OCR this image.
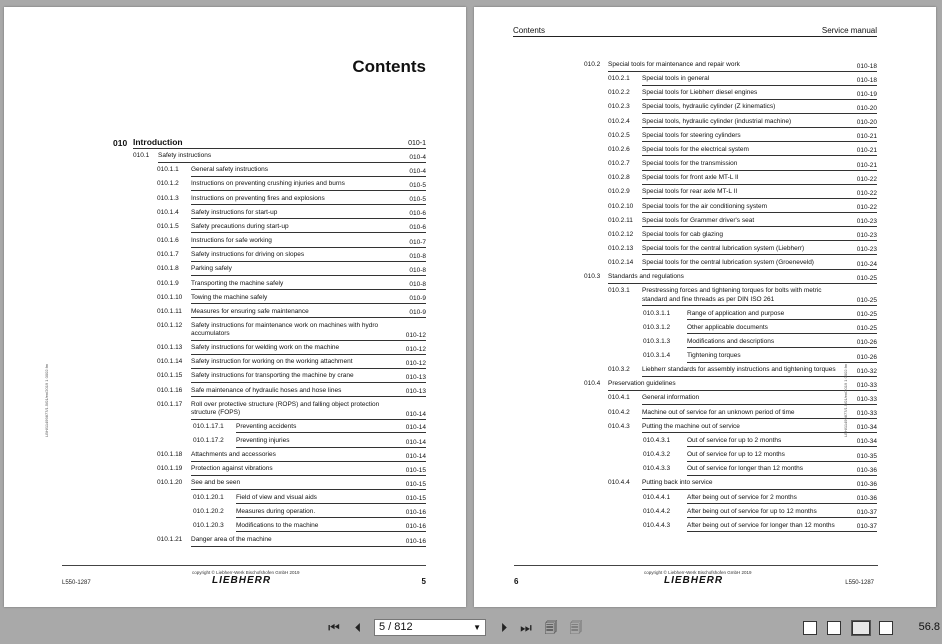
Contents
010 Introduction	010-1
010.1 Safety instructions	010-4
010.1.1 General safety instructions	010-4
010.1.2 Instructions on preventing crushing injuries and burns	010-5
010.1.3 Instructions on preventing fires and explosions	010-5
010.1.4 Safety instructions for start-up	010-6
010.1.5 Safety precautions during start-up	010-6
010.1.6 Instructions for safe working	010-7
010.1.7 Safety instructions for driving on slopes	010-8
010.1.8 Parking safely	010-8
010.1.9 Transporting the machine safely	010-8
010.1.10 Towing the machine safely	010-9
010.1.11 Measures for ensuring safe maintenance	010-9
010.1.12 Safety instructions for maintenance work on machines with hydro accumulators	010-12
010.1.13 Safety instructions for welding work on the machine	010-12
010.1.14 Safety instruction for working on the working attachment	010-12
010.1.15 Safety instructions for transporting the machine by crane	010-13
010.1.16 Safe maintenance of hydraulic hoses and hose lines	010-13
010.1.17 Roll over protective structure (ROPS) and falling object protection structure (FOPS)	010-14
010.1.17.1 Preventing accidents	010-14
010.1.17.2 Preventing injuries	010-14
010.1.18 Attachments and accessories	010-14
010.1.19 Protection against vibrations	010-15
010.1.20 See and be seen	010-15
010.1.20.1 Field of view and visual aids	010-15
010.1.20.2 Measures during operation.	010-16
010.1.20.3 Modifications to the machine	010-16
010.1.21 Danger area of the machine	010-16
LBH/11499877/1.5/01/en/2019 1 0002.fm
L550-1287
copyright © Liebherr-Werk Bischofshofen GmbH 2019
LIEBHERR	5
Contents	Service manual
010.2 Special tools for maintenance and repair work	010-18
010.2.1 Special tools in general	010-18
010.2.2 Special tools for Liebherr diesel engines	010-19
010.2.3 Special tools, hydraulic cylinder (Z kinematics)	010-20
010.2.4 Special tools, hydraulic cylinder (industrial machine)	010-20
010.2.5 Special tools for steering cylinders	010-21
010.2.6 Special tools for the electrical system	010-21
010.2.7 Special tools for the transmission	010-21
010.2.8 Special tools for front axle MT-L II	010-22
010.2.9 Special tools for rear axle MT-L II	010-22
010.2.10 Special tools for the air conditioning system	010-22
010.2.11 Special tools for Grammer driver's seat	010-23
010.2.12 Special tools for cab glazing	010-23
010.2.13 Special tools for the central lubrication system (Liebherr)	010-23
010.2.14 Special tools for the central lubrication system (Groeneveld)	010-24
010.3 Standards and regulations	010-25
010.3.1 Prestressing forces and tightening torques for bolts with metric standard and fine threads as per DIN ISO 261	010-25
010.3.1.1	Range of application and purpose	010-25
010.3.1.2	Other applicable documents	010-25
010.3.1.3	Modifications and descriptions	010-26
010.3.1.4	Tightening torques	010-26
010.3.2 Liebherr standards for assembly instructions and tightening torques	010-32
010.4 Preservation guidelines	010-33
010.4.1 General information	010-33
010.4.2 Machine out of service for an unknown period of time	010-33
010.4.3 Putting the machine out of service	010-34
010.4.3.1	Out of service for up to 2 months	010-34
010.4.3.2	Out of service for up to 12 months	010-35
010.4.3.3	Out of service for longer than 12 months	010-36
010.4.4 Putting back into service	010-36
010.4.4.1	After being out of service for 2 months	010-36
010.4.4.2	After being out of service for up to 12 months	010-37
010.4.4.3	After being out of service for longer than 12 months	010-37
LBH/11499877/1.5/01/en/2019 1 0002.fm
6
copyright © Liebherr-Werk Bischofshofen GmbH 2019
LIEBHERR	L550-1287
⏮	⏴	5 / 812	▼	⏵ ⏭ 🗐 🗐	56.8
